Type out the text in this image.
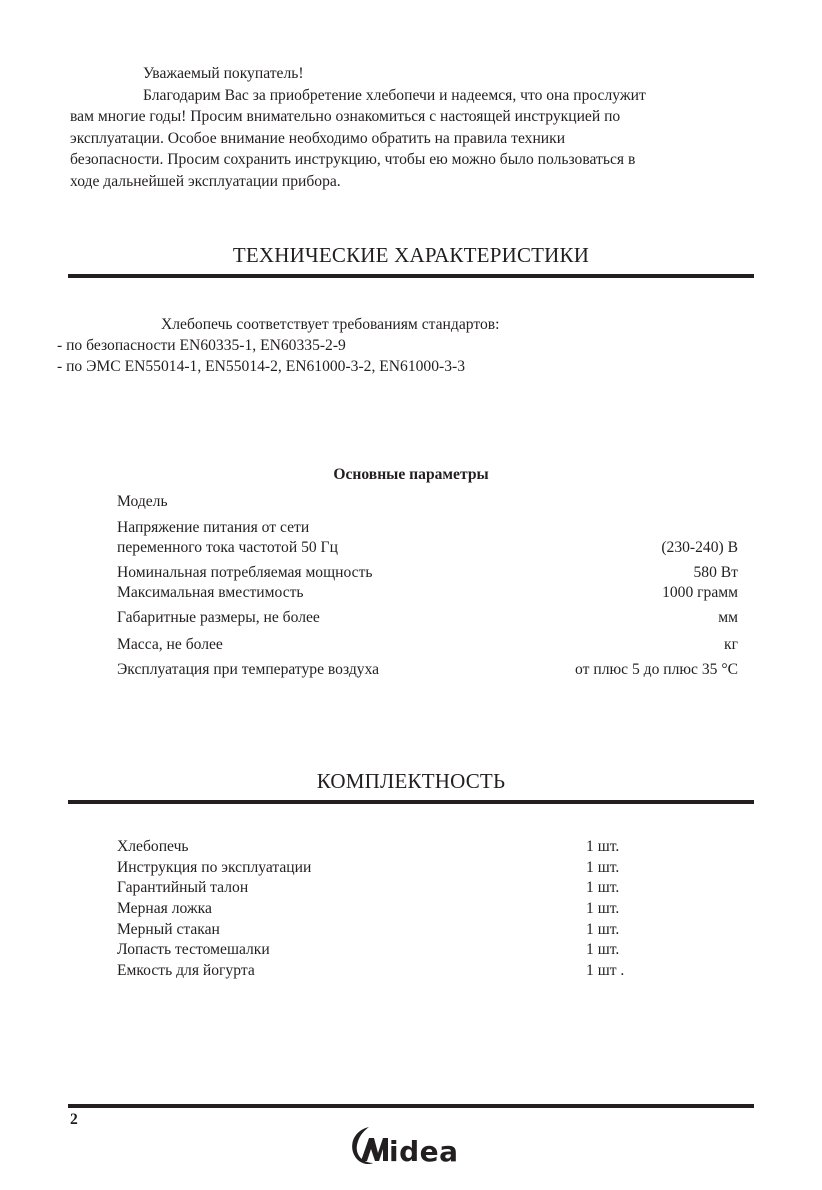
Уважаемый покупатель!

Благодарим Вас за приобретение хлебопечи и надеемся, что она прослужит

вам многие годы! Просим внимательно ознакомиться с настоящей инструкцией по

эксплуатации. Особое внимание необходимо обратить на правила техники

безопасности. Просим сохранить инструкцию, чтобы ею можно было пользоваться в

ходе дальнейшей эксплуатации прибора.

ТЕХНИЧЕСКИЕ ХАРАКТЕРИСТИКИ
Хлебопечь соответствует требованиям стандартов:
- по безопасности EN60335-1, EN60335-2-9
- по ЭМС EN55014-1, EN55014-2, EN61000-3-2, EN61000-3-3
Основные параметры
Модель
Напряжение питания от сети
переменного тока частотой 50 Гц	(230-240) В
Номинальная потребляемая мощность	580 Вт
Максимальная вместимость	1000 грамм
Габаритные размеры, не более	мм
Масса, не более	кг
Эксплуатация при температуре воздуха	от плюс 5 до плюс 35 °С
КОМПЛЕКТНОСТЬ
Хлебопечь	1 шт.
Инструкция по эксплуатации	1 шт.
Гарантийный талон	1 шт.
Мерная ложка	1 шт.
Мерный стакан	1 шт.
Лопасть тестомешалки	1 шт.
Емкость для йогурта	1 шт .
2
idea
